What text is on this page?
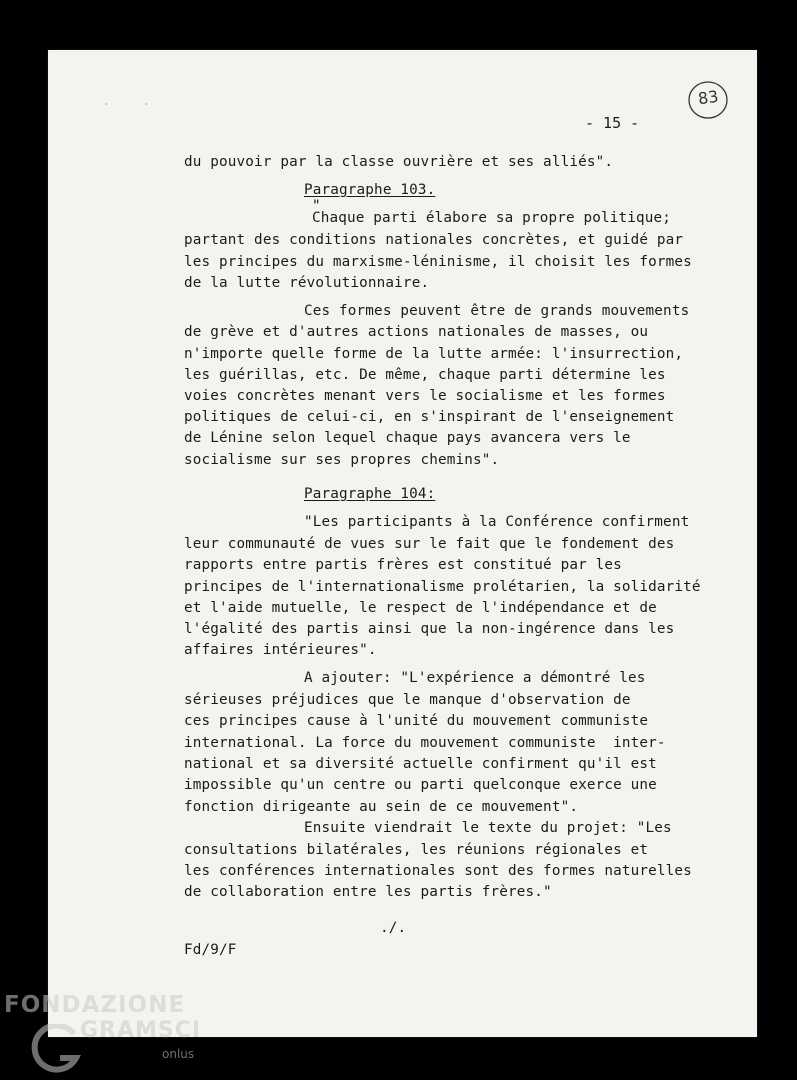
83
·	·
- 15 -
du pouvoir par la classe ouvrière et ses alliés".
Paragraphe 103.
"
Chaque parti élabore sa propre politique;
partant des conditions nationales concrètes, et guidé par
les principes du marxisme-léninisme, il choisit les formes
de la lutte révolutionnaire.
Ces formes peuvent être de grands mouvements
de grève et d'autres actions nationales de masses, ou
n'importe quelle forme de la lutte armée: l'insurrection,
les guérillas, etc. De même, chaque parti détermine les
voies concrètes menant vers le socialisme et les formes
politiques de celui-ci, en s'inspirant de l'enseignement
de Lénine selon lequel chaque pays avancera vers le
socialisme sur ses propres chemins".
Paragraphe 104:
"Les participants à la Conférence confirment
leur communauté de vues sur le fait que le fondement des
rapports entre partis frères est constitué par les
principes de l'internationalisme prolétarien, la solidarité
et l'aide mutuelle, le respect de l'indépendance et de
l'égalité des partis ainsi que la non-ingérence dans les
affaires intérieures".
A ajouter: "L'expérience a démontré les
sérieuses préjudices que le manque d'observation de
ces principes cause à l'unité du mouvement communiste
international. La force du mouvement communiste  inter-
national et sa diversité actuelle confirment qu'il est
impossible qu'un centre ou parti quelconque exerce une
fonction dirigeante au sein de ce mouvement".
Ensuite viendrait le texte du projet: "Les
consultations bilatérales, les réunions régionales et
les conférences internationales sont des formes naturelles
de collaboration entre les partis frères."
./.
Fd/9/F
FONDAZIONE
GRAMSCI
onlus
